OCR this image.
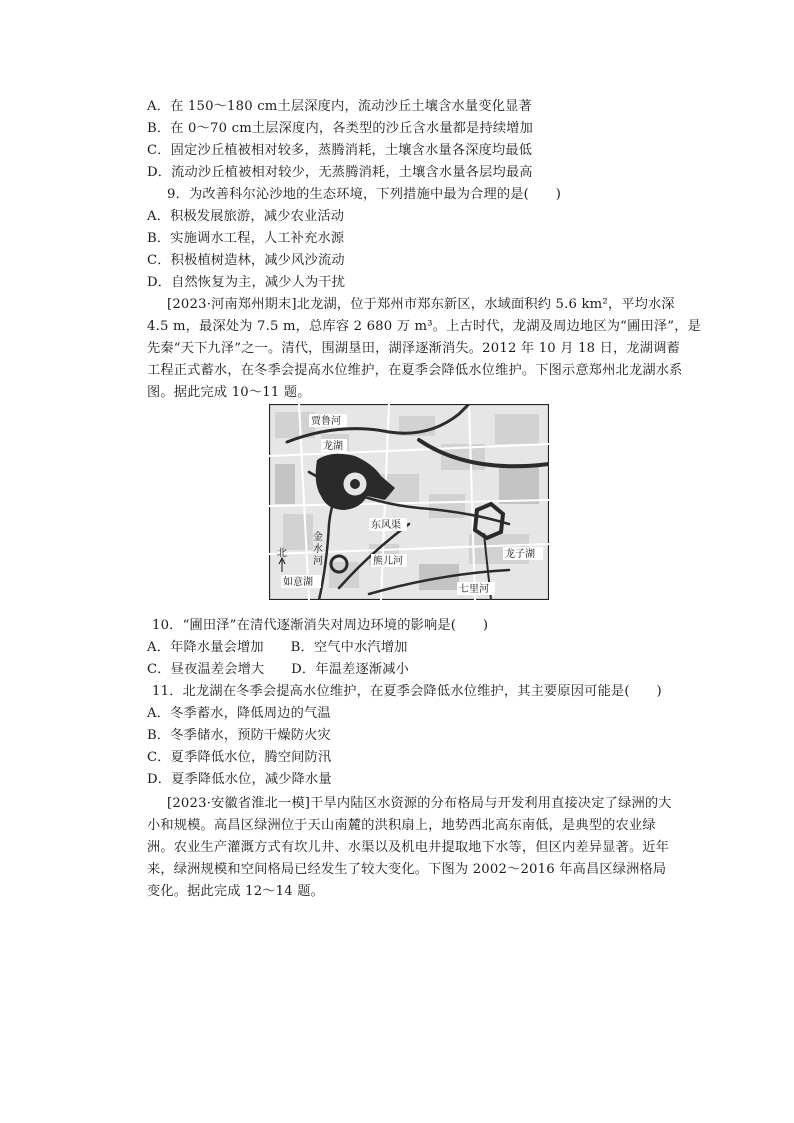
A．在 150～180 cm土层深度内，流动沙丘土壤含水量变化显著
B．在 0～70 cm土层深度内，各类型的沙丘含水量都是持续增加
C．固定沙丘植被相对较多，蒸腾消耗，土壤含水量各深度均最低
D．流动沙丘植被相对较少，无蒸腾消耗，土壤含水量各层均最高
9．为改善科尔沁沙地的生态环境，下列措施中最为合理的是(　　)
A．积极发展旅游，减少农业活动
B．实施调水工程，人工补充水源
C．积极植树造林，减少风沙流动
D．自然恢复为主，减少人为干扰
[2023·河南郑州期末]北龙湖，位于郑州市郑东新区，水域面积约 5.6 km²，平均水深
4.5 m，最深处为 7.5 m，总库容 2 680 万 m³。上古时代，龙湖及周边地区为“圃田泽”，是
先秦“天下九泽”之一。清代，围湖垦田，湖泽逐渐消失。2012 年 10 月 18 日，龙湖调蓄
工程正式蓄水，在冬季会提高水位维护，在夏季会降低水位维护。下图示意郑州北龙湖水系
图。据此完成 10～11 题。
贾鲁河
龙湖
东风渠
金
水
河
北
如意湖
熊儿河
龙子湖
七里河
10．“圃田泽”在清代逐渐消失对周边环境的影响是(　　)
A．年降水量会增加　　B．空气中水汽增加
C．昼夜温差会增大　　D．年温差逐渐减小
11．北龙湖在冬季会提高水位维护，在夏季会降低水位维护，其主要原因可能是(　　)
A．冬季蓄水，降低周边的气温
B．冬季储水，预防干燥防火灾
C．夏季降低水位，腾空间防汛
D．夏季降低水位，减少降水量
[2023·安徽省淮北一模]干旱内陆区水资源的分布格局与开发利用直接决定了绿洲的大小和规模。高昌区绿洲位于天山南麓的洪积扇上，地势西北高东南低，是典型的农业绿洲。农业生产灌溉方式有坎儿井、水渠以及机电井提取地下水等，但区内差异显著。近年来，绿洲规模和空间格局已经发生了较大变化。下图为 2002～2016 年高昌区绿洲格局变化。据此完成 12～14 题。
